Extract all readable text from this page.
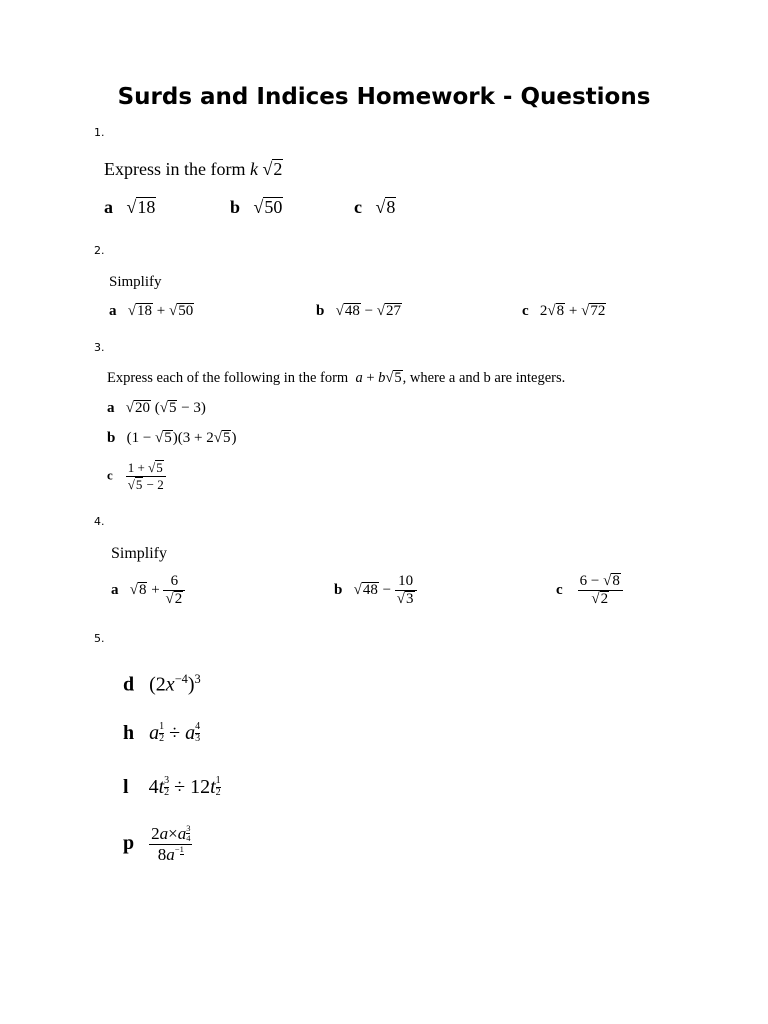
Surds and Indices Homework - Questions
1.
Express in the form k √2
a   √18	b   √50	c   √8
2.
Simplify
a   √18 + √50	b   √48 − √27	c   2√8 + √72
3.
Express each of the following in the form a + b√5, where a and b are integers.
a   √20 (√5 − 3)
b   (1 − √5)(3 + 2√5)
c $\frac{1 + √5}{√5 - 2}$
4.
Simplify
a   $√8 + \frac{6}{√2}$	b   $√48 - \frac{10}{√3}$	c $\frac{6 - √8}{√2}$
5.
d   $(2x^{-4})^3$
h a $\frac{1}{2} \div a \frac{4}{3}$
l    $4t \frac{3}{2} \div 12t \frac{1}{2}$
p $\frac{2a\times a \frac{3}{4}}{8a-1}$
